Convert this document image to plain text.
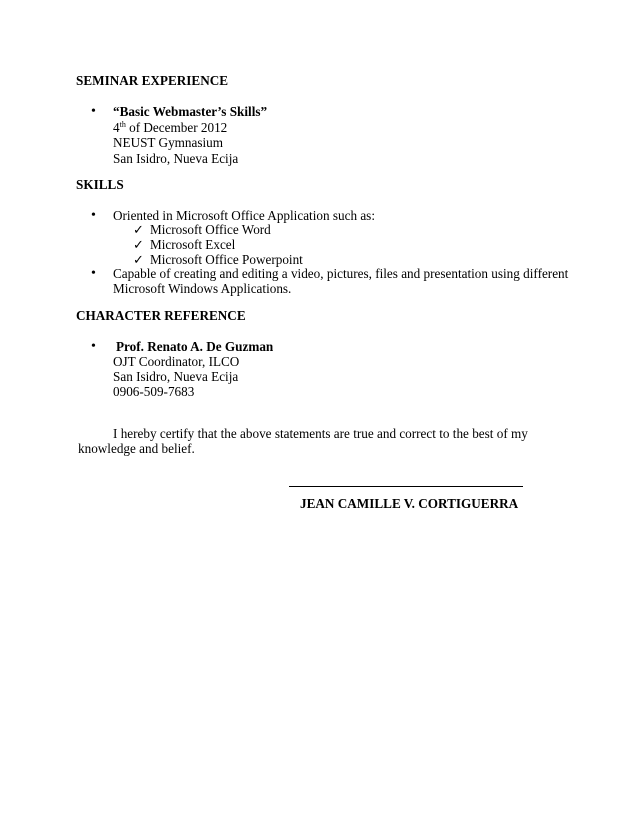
SEMINAR EXPERIENCE
• “Basic Webmaster’s Skills”
4th of December 2012
NEUST Gymnasium
San Isidro, Nueva Ecija
SKILLS
• Oriented in Microsoft Office Application such as:
✓ Microsoft Office Word
✓ Microsoft Excel
✓ Microsoft Office Powerpoint
• Capable of creating and editing a video, pictures, files and presentation using different
Microsoft Windows Applications.
CHARACTER REFERENCE
• Prof. Renato A. De Guzman
OJT Coordinator, ILCO
San Isidro, Nueva Ecija
0906-509-7683
I hereby certify that the above statements are true and correct to the best of my
knowledge and belief.
JEAN CAMILLE V. CORTIGUERRA
